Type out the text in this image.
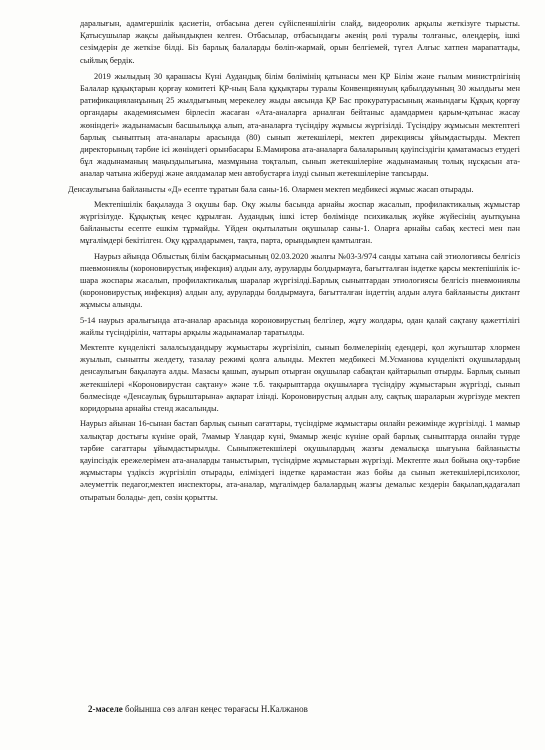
даралығын, адамгершілік қасиетін, отбасына деген сүйіспеншілігін слайд, видеоролик арқылы жеткізуге тырысты. Қатысушылар жақсы дайындықпен келген. Отбасылар, отбасындағы әкенің рөлі туралы толғаныс, өлеңдерің, ішкі сезімдерін де жеткізе білді. Біз барлық балаларды бөліп-жармай, орын белгіемей, түгел Алғыс хатпен марапаттады, сыйлық бердік.

2019 жылыдың 30 қарашасы Күні Аудандық білім бөлімінің қатынасы мен ҚР Білім және ғылым министрлігінің Балалар құқықтарын қорғау комитеті ҚР-ның Бала құқықтары туралы Конвенциянуың қабылдауының 30 жылдығы мен ратификацияланұының 25 жылдығының мерекелеу жыды аясында ҚР Бас прокуратурасының жанындағы Құқық қорғау органдары академиясымен бірлесіп жасаған «Ата-аналарға арналған бейтаныс адамдармен қарым-қатынас жасау жөніндегі» жадынамасын басшылыққа алып, ата-аналарға түсіндіру жұмысы жүргізілді. Түсіндіру жұмысын мектептегі барлық сыныптың ата-аналары арасында (80) сынып жетекшілері, мектеп дирекциясы ұйымдастырды. Мектеп директорының тәрбие ісі жөніндегі орынбасары Б.Мамирова ата-аналарға балаларының қауіпсіздігін қаматамасыз етудегі бұл жадынаманың маңыздылығына, мазмұнына тоқталып, сынып жетекшілеріне жадынаманың толық нұсқасын ата-аналар чатына жіберуді және аялдамалар мен автобустарға ілуді сынып жетекшілеріне тапсырды.

Денсаулығына байланысты «Д» есепте тұратын бала саны-16. Олармен мектеп медбикесі жұмыс жасап отырады.

Мектепішілік бақылауда 3 оқушы бар. Оқу жылы басында арнайы жоспар жасалып, профилактикалық жұмыстар жүргізілуде. Құқықтық кеңес құрылған. Аудандық ішкі істер бөлімінде психикалық жүйке жүйесінің ауытқуына байланысты есепте ешкім тұрмайды. Үйден оқытылатын оқушылар саны-1. Оларға арнайы сабақ кестесі мен пән мұғалімдері бекітілген. Оқу құралдарымен, тақта, парта, орындықпен қамтылған.

Наурыз айында Облыстық білім басқармасының 02.03.2020 жылғы №03-3/974 санды хатына сай этиологиясы белгісіз пневмониялы (короновирустық инфекция) алдын алу, ауруларды болдырмауға, бағытталған індетке қарсы мектепішілік іс-шара жоспары жасалып, профилактикалық шаралар жүргізілді.Барлық сыныптардан этиологиясы белгісіз пневмониялы (короновирустық инфекция) алдын алу, ауруларды болдырмауға, бағытталған індеттің алдын алуға байланысты диктант жұмысы алынды.

5-14 наурыз аралығында ата-аналар арасында короновирустың белгілер, жұғу жолдары, одан қалай сақтану қажеттілігі жайлы түсіндірілін, чаттары арқылы жадынамалар таратылды.

Мектепте күнделікті залалсыздандыру жұмыстары жүргізіліп, сынып бөлмелерінің едендері, қол жуғыштар хлормен жуылып, сыныпты желдету, тазалау режимі қолға алынды. Мектеп медбикесі М.Усманова күнделікті оқушылардың денсаулығын бақылауға алды. Мазасы қашып, ауырып отырған оқушылар сабақтан қайтарылып отырды. Барлық сынып жетекшілері «Короновирустан сақтану» және т.б. тақырыптарда оқушыларға түсіндіру жұмыстарын жүргізді, сынып бөлмесінде «Денсаулық бұрыштарына» ақпарат ілінді. Короновирустың алдын алу, сақтық шараларын жүргізуде мектеп коридорына арнайы стенд жасалынды.

Наурыз айынан 16-сынан бастап барлық сынып сағаттары, түсіндірме жұмыстары онлайн режимінде жүргізілді. 1 мамыр халықтар достығы күніне орай, 7мамыр Ұландар күні, 9мамыр жеңіс күніне орай барлық сыныптарда онлайн түрде тәрбие сағаттары ұйымдастырылды. Сыныпжетекшілері оқушылардың жазғы демалысқа шығуына байланысты қауіпсіздік ережелерімен ата-аналарды таныстырып, түсіндірме жұмыстарын жүргізді. Мектепте жыл бойына оқу-тәрбие жұмыстары үздіксіз жүргізіліп отырады, еліміздегі індетке қарамастан жаз бойы да сынып жетекшілері,психолог, әлеуметтік педагог,мектеп инспекторы, ата-аналар, мұғалімдер балалардың жазғы демалыс кездерін бақылап,қадағалап отыратын болады- деп, сөзін қорытты.

2-мәселе бойынша сөз алған кеңес төрағасы Н.Калжанов
